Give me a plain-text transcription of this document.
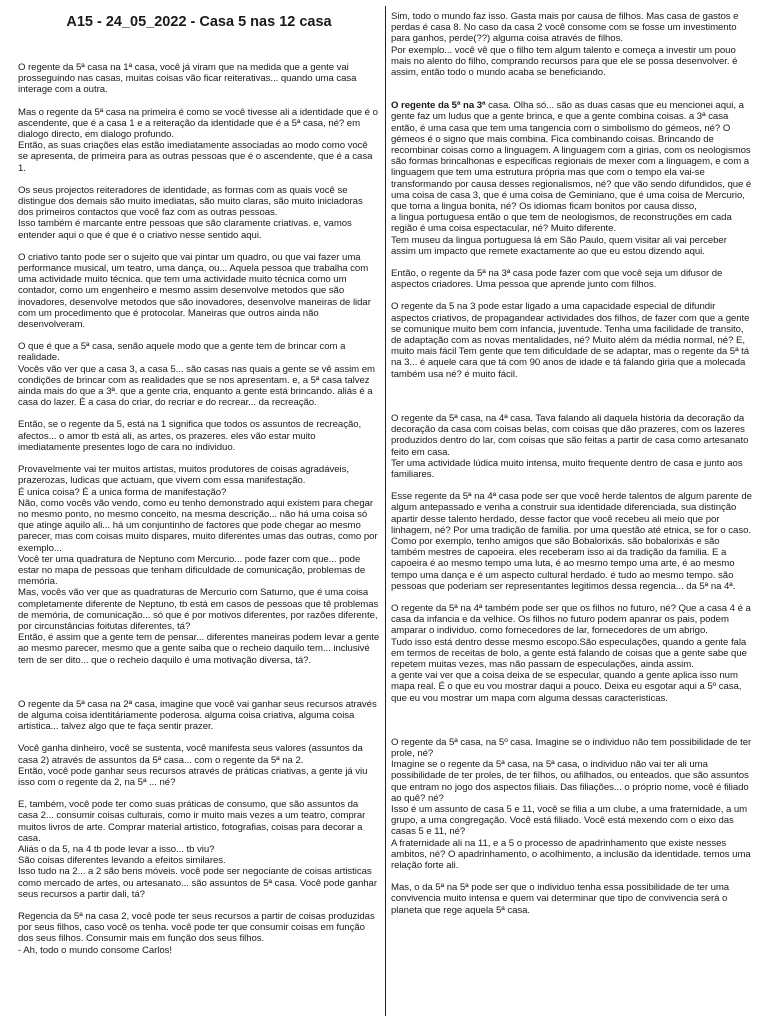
A15 - 24_05_2022 - Casa 5 nas 12 casa

O regente da 5ª casa na 1ª casa, você já viram que na medida que a gente vai prosseguindo nas casas, muitas coisas vão ficar reiterativas... quando uma casa interage com a outra.

Mas o regente da 5ª casa na primeira é como se você tivesse ali a identidade que é o ascendente, que é a casa 1 e a reiteração da identidade que é a 5ª casa, né? em dialogo directo, em dialogo profundo.

Então, as suas criações elas estão imediatamente associadas ao modo como você se apresenta, de primeira para as outras pessoas que é o ascendente, que é a casa 1.

Os seus projectos reiteradores de identidade, as formas com as quais você se distingue dos demais são muito imediatas, são muito claras, são muito iniciadoras dos primeiros contactos que você faz com as outras pessoas.

Isso também é marcante entre pessoas que são claramente criativas. e, vamos entender aqui o que é que é o criativo nesse sentido aqui.

O criativo tanto pode ser o sujeito que vai pintar um quadro, ou que vai fazer uma performance musical, um teatro, uma dança, ou... Aquela pessoa que trabalha com uma actividade muito técnica. que tem uma actividade muito técnica como um contador, como um engenheiro e mesmo assim desenvolve metodos que são inovadores, desenvolve metodos que são inovadores, desenvolve maneiras de lidar com um procedimento que é protocolar. Maneiras que outros ainda não desenvolveram.

O que é que a 5ª casa, senão aquele modo que a gente tem de brincar com a realidade.

Vocês vão ver que a casa 3, a casa 5... são casas nas quais a gente se vê assim em condições de brincar com as realidades que se nos apresentam. e, a 5ª casa talvez ainda mais do que a 3ª. que a gente cria, enquanto a gente está brincando. aliás é a casa do lazer. É a casa do criar, do recriar e do recrear... da recreação.

Então, se o regente da 5, está na 1 significa que todos os assuntos de recreação, afectos... o amor tb está ali, as artes, os prazeres. eles vão estar muito imediatamente presentes logo de cara no individuo.

Provavelmente vai ter muitos artistas, muitos produtores de coisas agradáveis, prazerozas, ludicas que actuam, que vivem com essa manifestação.

É unica coisa? É a unica forma de manifestação?

Não, como vocês vão vendo, como eu tenho demonstrado aqui existem para chegar no mesmo ponto, no mesmo conceito, na mesma descrição... não há uma coisa só que atinge aquilo ali... há um conjuntinho de factores que pode chegar ao mesmo parecer, mas com coisas muito dispares, muito diferentes umas das outras, como por exemplo...

Você ter uma quadratura de Neptuno com Mercurio... pode fazer com que... pode estar no mapa de pessoas que tenham dificuldade de comunicação, problemas de memória.

Mas, vocês vão ver que as quadraturas de Mercurio com Saturno, que é uma coisa completamente diferente de Neptuno, tb está em casos de pessoas que tê problemas de memória, de comunicação... só que é por motivos diferentes, por razões diferente, por circunstâncias foitutas diferentes, tá?

Então, é assim que a gente tem de pensar... diferentes maneiras podem levar a gente ao mesmo parecer, mesmo que a gente saiba que o recheio daquilo tem... inclusivé tem de ser dito... que o recheio daquilo é uma motivação diversa, tá?.

O regente da 5ª casa na 2ª casa, imagine que você vai ganhar seus recursos através de alguma coisa identitáriamente poderosa. alguma coisa criativa, alguma coisa artistica... talvez algo que te faça sentir prazer.

Você ganha dinheiro, você se sustenta, você manifesta seus valores (assuntos da casa 2) através de assuntos da 5ª casa... com o regente da 5ª na 2.

Então, você pode ganhar seus recursos através de práticas criativas, a gente já viu isso com o regente da 2, na 5ª ... né?

E, também, você pode ter como suas práticas de consumo, que são assuntos da casa 2... consumir coisas culturais, como ir muito mais vezes a um teatro, comprar muitos livros de arte. Comprar material artistico, fotografias, coisas para decorar a casa.

Aliás o da 5, na 4 tb pode levar a isso... tb viu?

São coisas diferentes levando a efeitos similares.

Isso tudo na 2... a 2 são bens móveis. você pode ser negociante de coisas artisticas como mercado de artes, ou artesanato... são assuntos de 5ª casa. Você pode ganhar seus recursos a partir dali, tá?

Regencia da 5ª na casa 2, você pode ter seus recursos a partir de coisas produzidas por seus filhos, caso você os tenha. você pode ter que consumir coisas em função dos seus filhos. Consumir mais em função dos seus filhos.

- Ah, todo o mundo consome Carlos!

Sim, todo o mundo faz isso. Gasta mais por causa de filhos. Mas casa de gastos e perdas é casa 8. No caso da casa 2 você consome com se fosse um investimento para ganhos, perde(??) alguma coisa através de filhos.

Por exemplo... você vê que o filho tem algum talento e começa a investir um pouo mais no alento do filho, comprando recursos para que ele se possa desenvolver. é assim, então todo o mundo acaba se beneficiando.

O regente da 5ª na 3ª casa. Olha só... são as duas casas que eu mencionei aqui, a gente faz um ludus que a gente brinca, e que a gente combina coisas. a 3ª casa então, é uma casa que tem uma tangencia com o simbolismo do gémeos, né? O gémeos é o signo que mais combina. Fica combinando coisas. Brincando de recombinar coisas como a linguagem. A linguagem com a girias, com os neologismos são formas brincalhonas e especificas regionais de mexer com a linguagem, e com a linguagem que tem uma estrutura própria mas que com o tempo ela vai-se transformando por causa desses regionalismos, né? que vão sendo difundidos, que é uma coisa de casa 3, que é uma coisa de Geminiano, que é uma coisa de Mercurio, que torna a lingua bonita, né? Os idiomas ficam bonitos por causa disso,

a lingua portuguesa então o que tem de neologismos, de reconstruções em cada região é uma coisa espectacular, né? Muito diferente.

Tem museu da lingua portuguesa lá em São Paulo, quem visitar ali vai perceber assim um impacto que remete exactamente ao que eu estou dizendo aqui.

Então, o regente da 5ª na 3ª casa pode fazer com que você seja um difusor de aspectos criadores. Uma pessoa que aprende junto com filhos.

O regente da 5 na 3 pode estar ligado a uma capacidade especial de difundir aspectos criativos, de propagandear actividades dos filhos, de fazer com que a gente se comunique muito bem com infancia, juventude. Tenha uma facilidade de transito, de adaptação com as novas mentalidades, né? Muito além da média normal, né? E, muito mais fácil Tem gente que tem dificuldade de se adaptar, mas o regente da 5ª tá na 3... é aquele cara que tá com 90 anos de idade e tá falando giria que a molecada também usa né? é muito fácil.

O regente da 5ª casa, na 4ª casa. Tava falando ali daquela história da decoração da decoração da casa com coisas belas, com coisas que dão prazeres, com os lazeres produzidos dentro do lar, com coisas que são feitas a partir de casa como artesanato feito em casa.

Ter uma actividade lúdica muito intensa, muito frequente dentro de casa e junto aos familiares.

Esse regente da 5ª na 4ª casa pode ser que você herde talentos de algum parente de algum antepassado e venha a construir sua identidade diferenciada, sua distinção apartir desse talento herdado, desse factor que você recebeu ali meio que por linhagem, né? Por uma tradição de familia. por uma questão até etnica, se for o caso. Como por exemplo, tenho amigos que são Bobalorixás. são bobalorixás e são também mestres de capoeira. eles receberam isso ai da tradição da familia. E a capoeira é ao mesmo tempo uma luta, é ao mesmo tempo uma arte, é ao mesmo tempo uma dança e é um aspecto cultural herdado. é tudo ao mesmo tempo. são pessoas que poderiam ser representantes legitimos dessa regencia... da 5ª na 4ª.

O regente da 5ª na 4ª também pode ser que os filhos no futuro, né? Que a casa 4 é a casa da infancia e da velhice. Os filhos no futuro podem apanrar os pais, podem amparar o individuo. como fornecedores de lar, fornecedores de um abrigo.

Tudo isso está dentro desse mesmo escopo.São especulações, quando a gente fala em termos de receitas de bolo, a gente está falando de coisas que a gente sabe que repetem muitas vezes, mas não passam de especulações, ainda assim.

a gente vai ver que a coisa deixa de se especular, quando a gente aplica isso num mapa real. É o que eu vou mostrar daqui a pouco. Deixa eu esgotar aqui a 5º casa, que eu vou mostrar um mapa com alguma dessas caracteristicas.

O regente da 5ª casa, na 5º casa. Imagine se o individuo não tem possibilidade de ter prole, né?

Imagine se o regente da 5ª casa, na 5ª casa, o individuo não vai ter ali uma possibilidade de ter proles, de ter filhos, ou afilhados, ou enteados. que são assuntos que entram no jogo dos aspectos filiais. Das filiações... o próprio nome, você é filiado ao quê? né?

Isso é um assunto de casa 5 e 11, você se filia a um clube, a uma fraternidade, a um grupo, a uma congregação. Você está filiado. Você está mexendo com o eixo das casas 5 e 11, né?

A fraternidade ali na 11, e a 5 o processo de apadrinhamento que existe nesses ambitos, né? O apadrinhamento, o acolhimento, a inclusão da identidade. temos uma relação forte ali.

Mas, o da 5ª na 5ª pode ser que o individuo tenha essa possibilidade de ter uma convivencia muito intensa e quem vai determinar que tipo de convivencia será o planeta que rege aquela 5ª casa.
